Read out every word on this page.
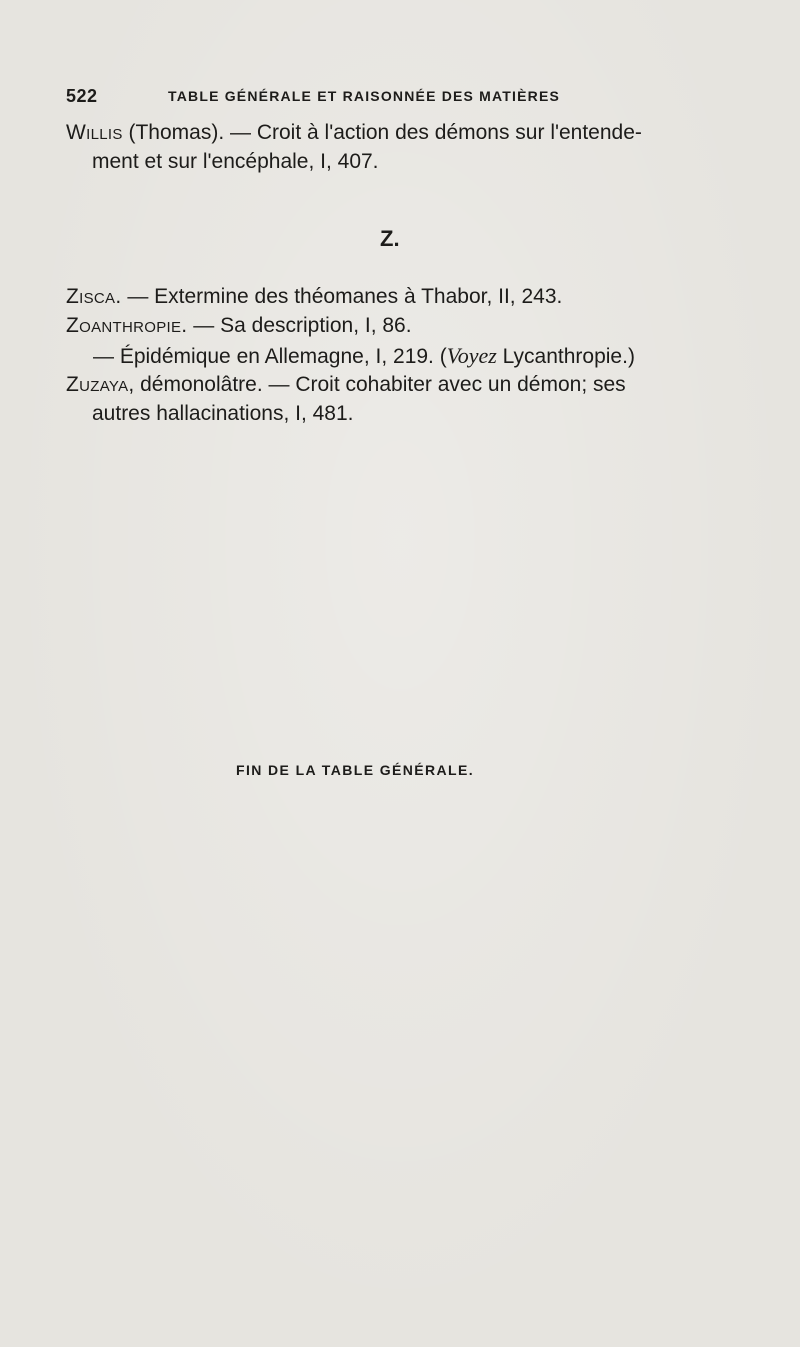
522	TABLE GÉNÉRALE ET RAISONNÉE DES MATIÈRES
Willis (Thomas). — Croit à l'action des démons sur l'entende-
ment et sur l'encéphale, I, 407.
Z.
Zisca. — Extermine des théomanes à Thabor, II, 243.
Zoanthropie. — Sa description, I, 86.
— Épidémique en Allemagne, I, 219. (Voyez Lycanthropie.)
Zuzaya, démonolâtre. — Croit cohabiter avec un démon; ses
autres hallacinations, I, 481.
FIN DE LA TABLE GÉNÉRALE.
